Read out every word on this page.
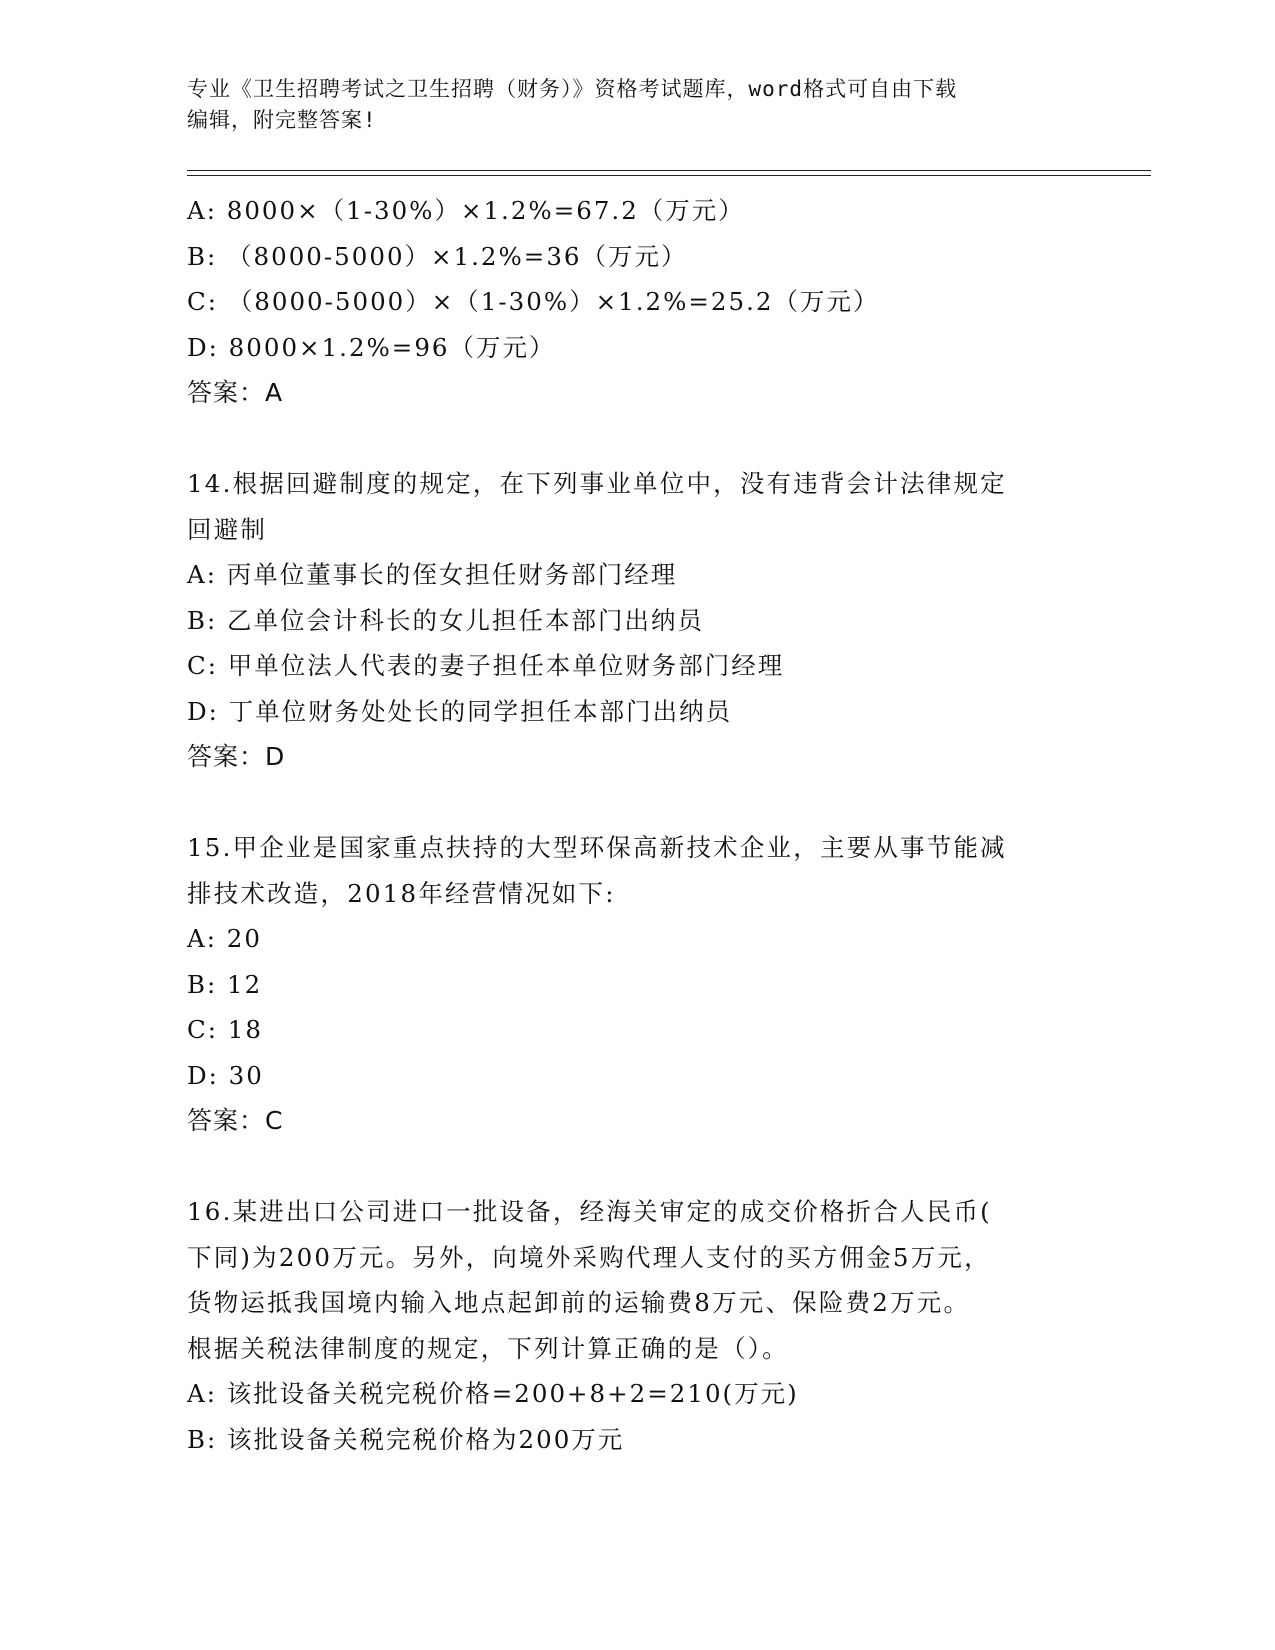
专业《卫生招聘考试之卫生招聘（财务）》资格考试题库，word格式可自由下载
编辑，附完整答案!
A: 8000×（1-30%）×1.2%=67.2（万元）
B: （8000-5000）×1.2%=36（万元）
C: （8000-5000）×（1-30%）×1.2%=25.2（万元）
D: 8000×1.2%=96（万元）
答案：A
14.根据回避制度的规定，在下列事业单位中，没有违背会计法律规定
回避制
A: 丙单位董事长的侄女担任财务部门经理
B: 乙单位会计科长的女儿担任本部门出纳员
C: 甲单位法人代表的妻子担任本单位财务部门经理
D: 丁单位财务处处长的同学担任本部门出纳员
答案：D
15.甲企业是国家重点扶持的大型环保高新技术企业，主要从事节能减
排技术改造，2018年经营情况如下:
A: 20
B: 12
C: 18
D: 30
答案：C
16.某进出口公司进口一批设备，经海关审定的成交价格折合人民币(
下同)为200万元。另外，向境外采购代理人支付的买方佣金5万元，
货物运抵我国境内输入地点起卸前的运输费8万元、保险费2万元。
根据关税法律制度的规定，下列计算正确的是（）。
A: 该批设备关税完税价格=200+8+2=210(万元)
B: 该批设备关税完税价格为200万元
